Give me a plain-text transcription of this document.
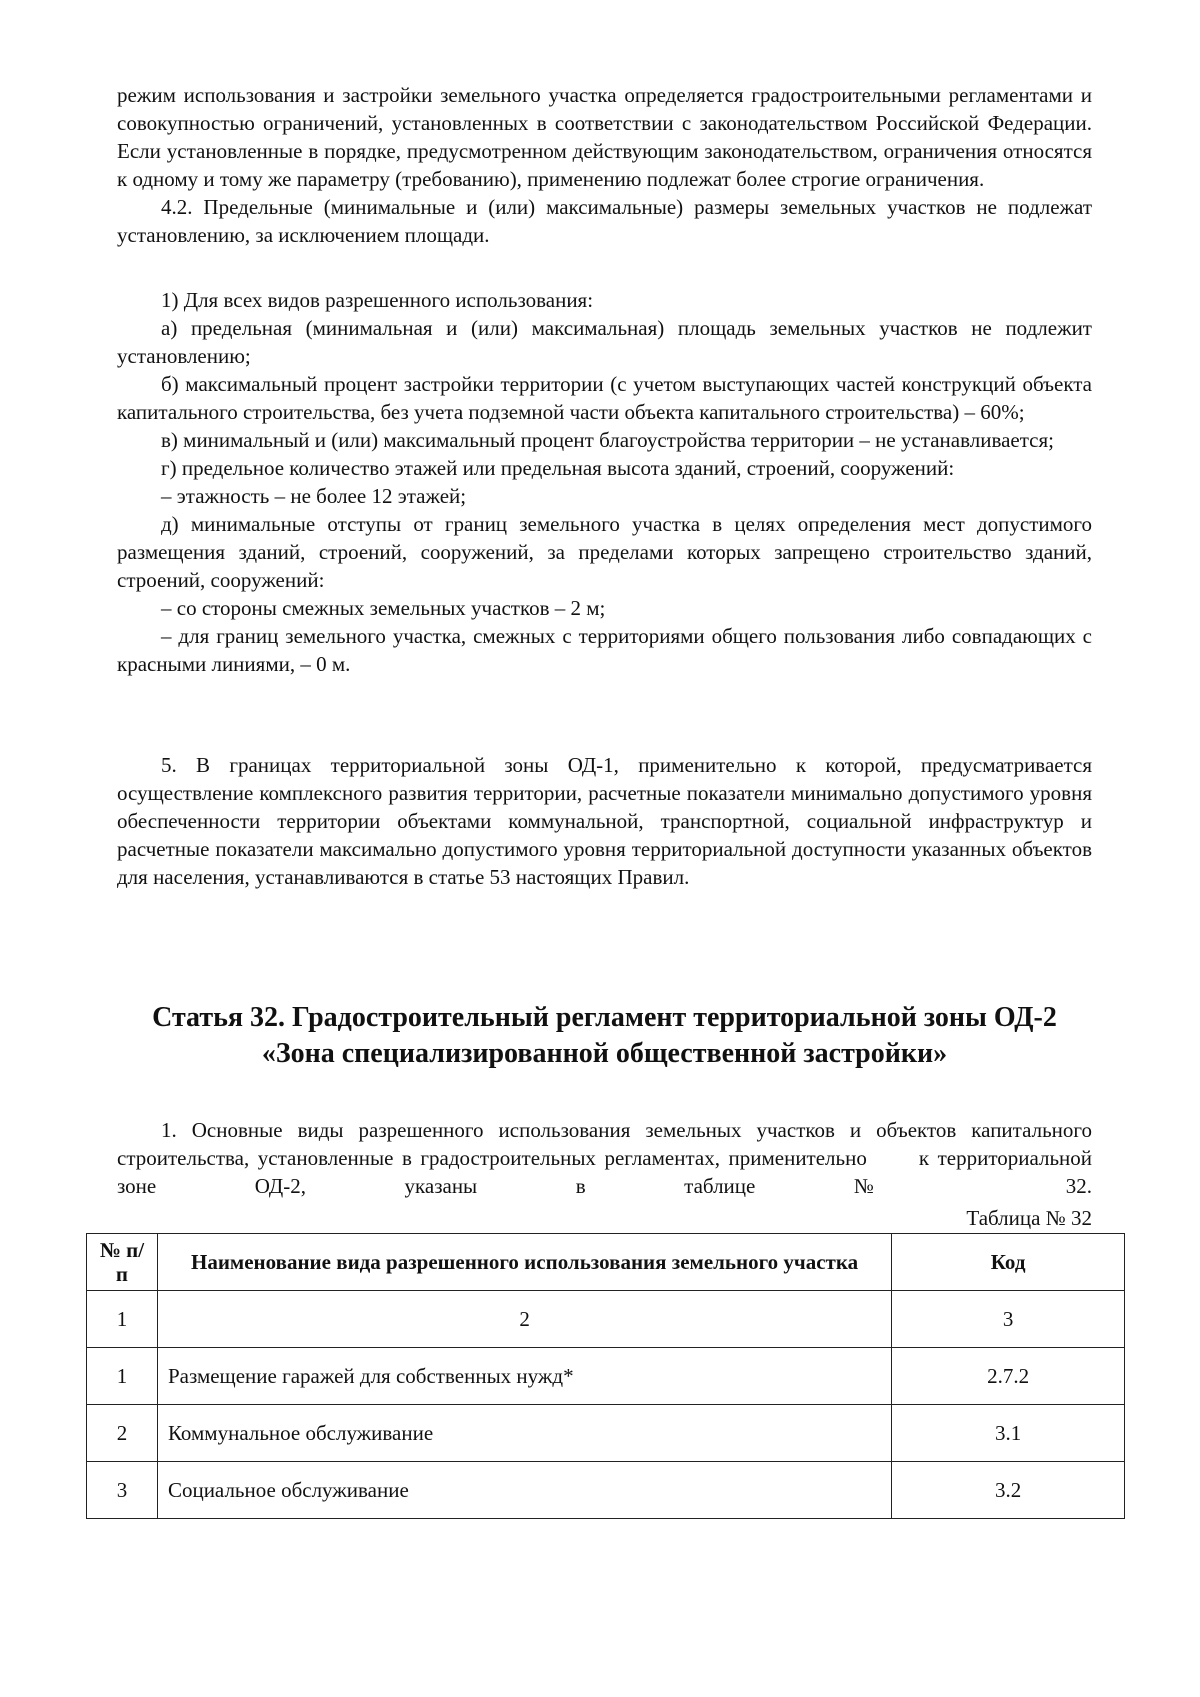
режим использования и застройки земельного участка определяется градостроительными регламентами и совокупностью ограничений, установленных в соответствии с законодательством Российской Федерации. Если установленные в порядке, предусмотренном действующим законодательством, ограничения относятся к одному и тому же параметру (требованию), применению подлежат более строгие ограничения.

4.2. Предельные (минимальные и (или) максимальные) размеры земельных участков не подлежат установлению, за исключением площади.

1) Для всех видов разрешенного использования:

а) предельная (минимальная и (или) максимальная) площадь земельных участков не подлежит установлению;

б) максимальный процент застройки территории (с учетом выступающих частей конструкций объекта капитального строительства, без учета подземной части объекта капитального строительства) – 60%;

в) минимальный и (или) максимальный процент благоустройства территории – не устанавливается;

г) предельное количество этажей или предельная высота зданий, строений, сооружений:

– этажность – не более 12 этажей;

д) минимальные отступы от границ земельного участка в целях определения мест допустимого размещения зданий, строений, сооружений, за пределами которых запрещено строительство зданий, строений, сооружений:

– со стороны смежных земельных участков – 2 м;

– для границ земельного участка, смежных с территориями общего пользования либо совпадающих с красными линиями, – 0 м.

5. В границах территориальной зоны ОД-1, применительно к которой, предусматривается осуществление комплексного развития территории, расчетные показатели минимально допустимого уровня обеспеченности территории объектами коммунальной, транспортной, социальной инфраструктур и расчетные показатели максимально допустимого уровня территориальной доступности указанных объектов для населения, устанавливаются в статье 53 настоящих Правил.

Статья 32. Градостроительный регламент территориальной зоны ОД-2
«Зона специализированной общественной застройки»

1. Основные виды разрешенного использования земельных участков и объектов капитального строительства, установленные в градостроительных регламентах, применительно к территориальной зоне ОД-2, указаны в таблице № 32.

Таблица № 32
№ п/п	Наименование вида разрешенного использования земельного участка	Код
1	2	3
1	Размещение гаражей для собственных нужд*	2.7.2
2	Коммунальное обслуживание	3.1
3	Социальное обслуживание	3.2
